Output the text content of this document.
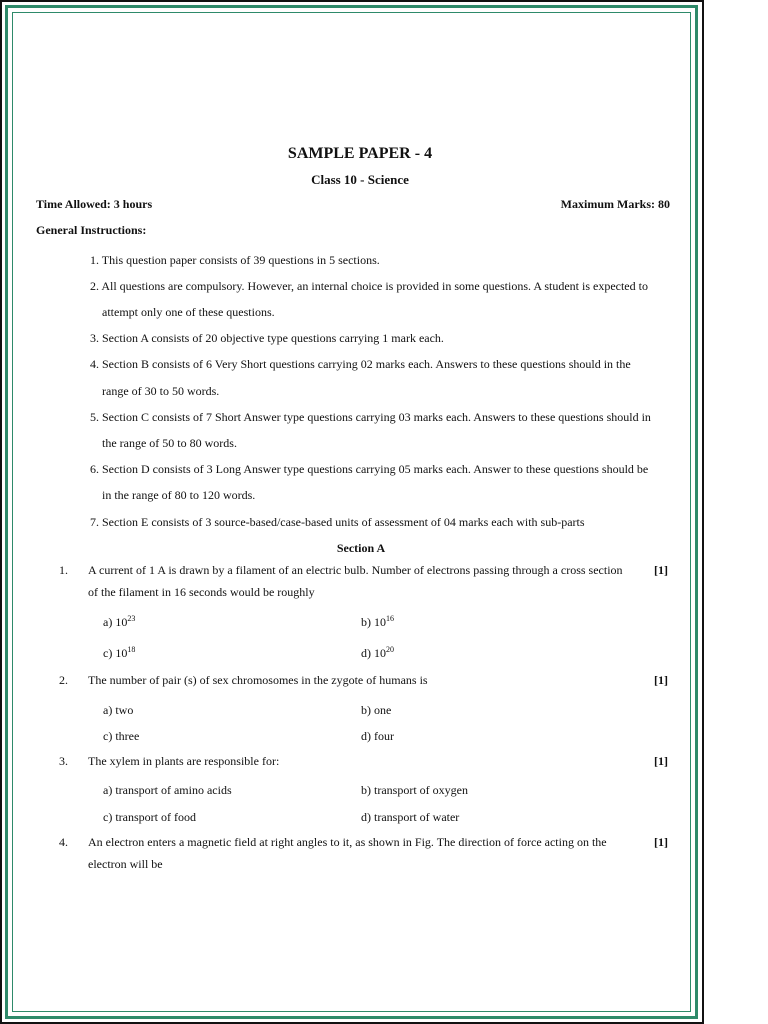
SAMPLE PAPER - 4
Class 10 - Science
Time Allowed: 3 hours	Maximum Marks: 80
General Instructions:
1. This question paper consists of 39 questions in 5 sections.
2. All questions are compulsory. However, an internal choice is provided in some questions. A student is expected to
attempt only one of these questions.
3. Section A consists of 20 objective type questions carrying 1 mark each.
4. Section B consists of 6 Very Short questions carrying 02 marks each. Answers to these questions should in the
range of 30 to 50 words.
5. Section C consists of 7 Short Answer type questions carrying 03 marks each. Answers to these questions should in
the range of 50 to 80 words.
6. Section D consists of 3 Long Answer type questions carrying 05 marks each. Answer to these questions should be
in the range of 80 to 120 words.
7. Section E consists of 3 source-based/case-based units of assessment of 04 marks each with sub-parts
Section A
1. A current of 1 A is drawn by a filament of an electric bulb. Number of electrons passing through a cross section
of the filament in 16 seconds would be roughly
[1]
a) $10^{23}$	b) $10^{16}$
c) $10^{18}$	d) $10^{20}$
2. The number of pair (s) of sex chromosomes in the zygote of humans is	[1]
a) two	b) one
c) three	d) four
3. The xylem in plants are responsible for:	[1]
a) transport of amino acids	b) transport of oxygen
c) transport of food	d) transport of water
4. An electron enters a magnetic field at right angles to it, as shown in Fig. The direction of force acting on the
electron will be
[1]
